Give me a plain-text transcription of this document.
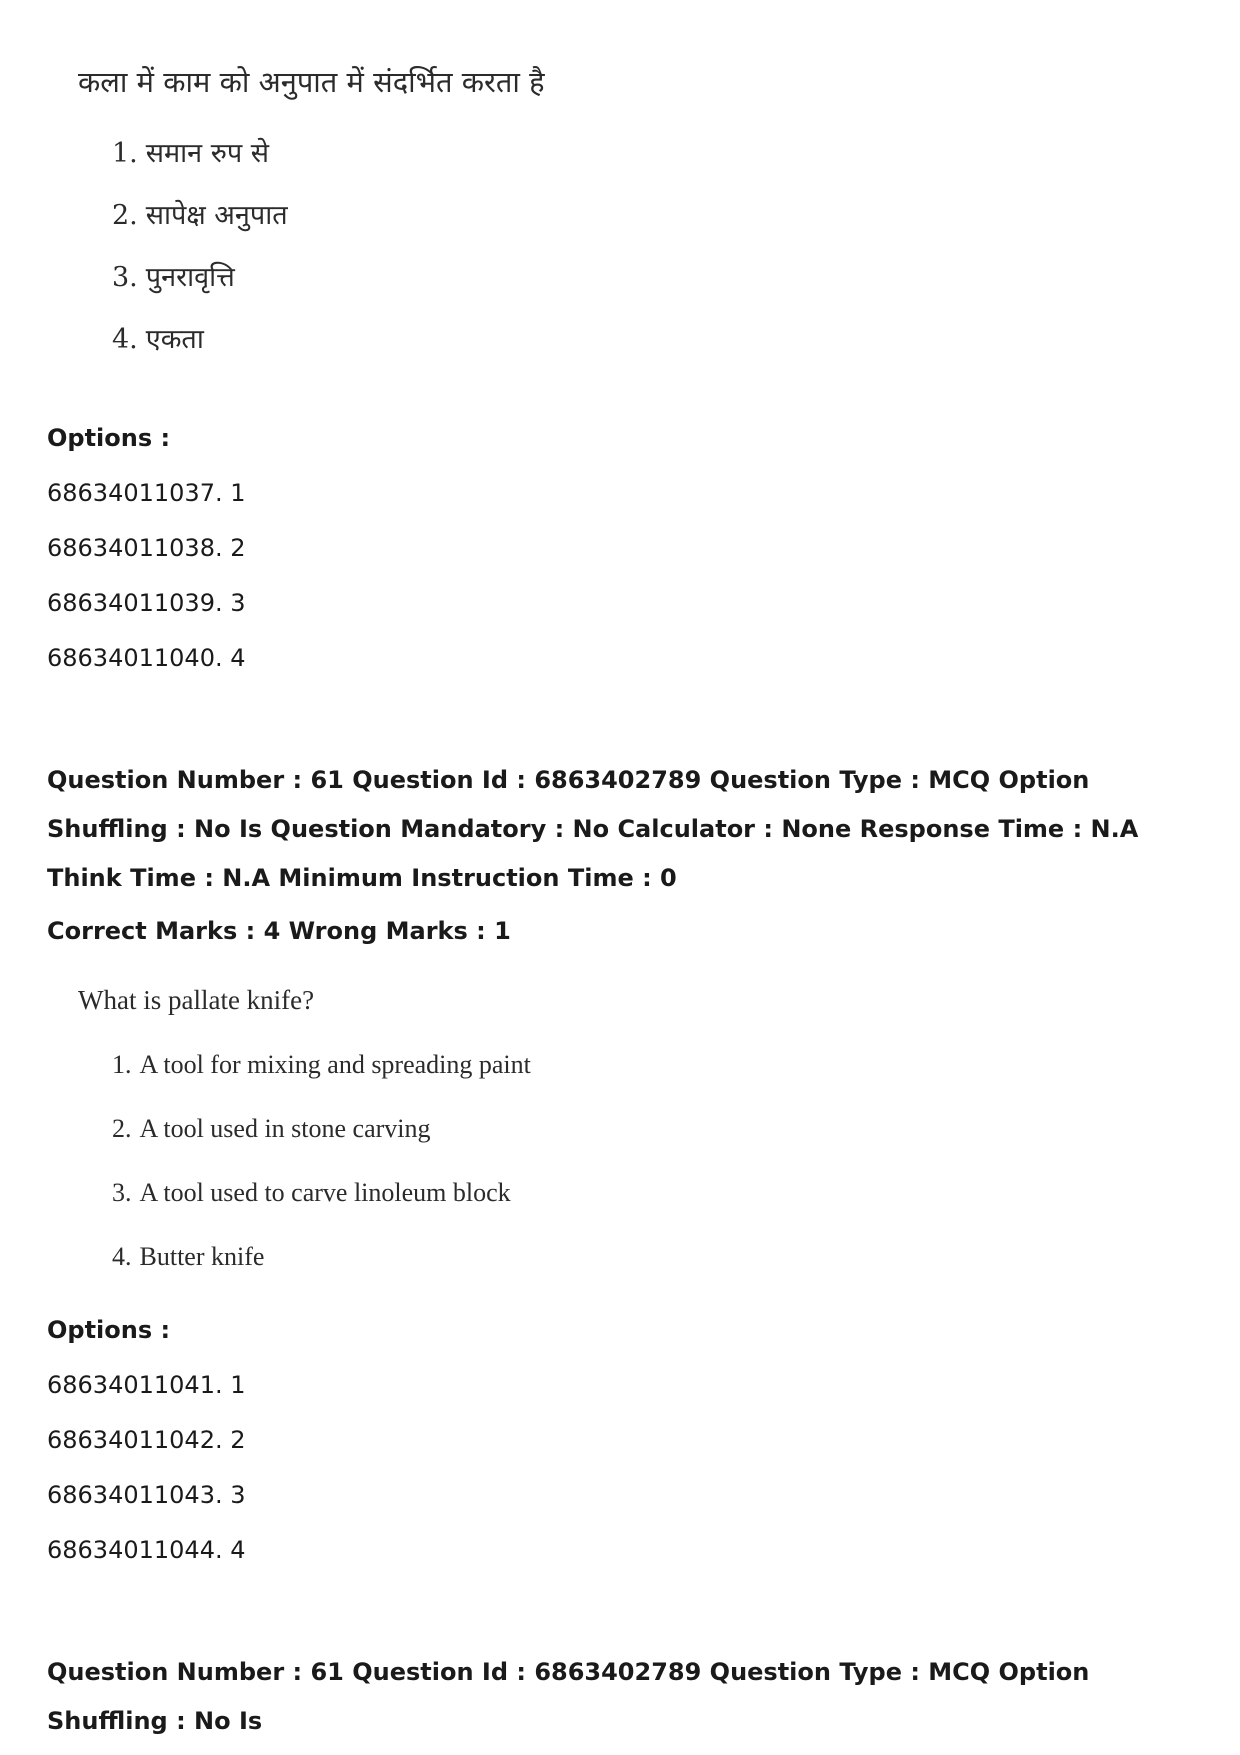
कला में काम को अनुपात में संदर्भित करता है

1. समान रुप से
2. सापेक्ष अनुपात
3. पुनरावृत्ति
4. एकता
Options :
68634011037. 1
68634011038. 2
68634011039. 3
68634011040. 4

Question Number : 61 Question Id : 6863402789 Question Type : MCQ Option Shuffling : No Is Question Mandatory : No Calculator : None Response Time : N.A Think Time : N.A Minimum Instruction Time : 0

Correct Marks : 4 Wrong Marks : 1

What is pallate knife?

1. A tool for mixing and spreading paint
2. A tool used in stone carving
3. A tool used to carve linoleum block
4. Butter knife
Options :
68634011041. 1
68634011042. 2
68634011043. 3
68634011044. 4

Question Number : 61 Question Id : 6863402789 Question Type : MCQ Option Shuffling : No Is
